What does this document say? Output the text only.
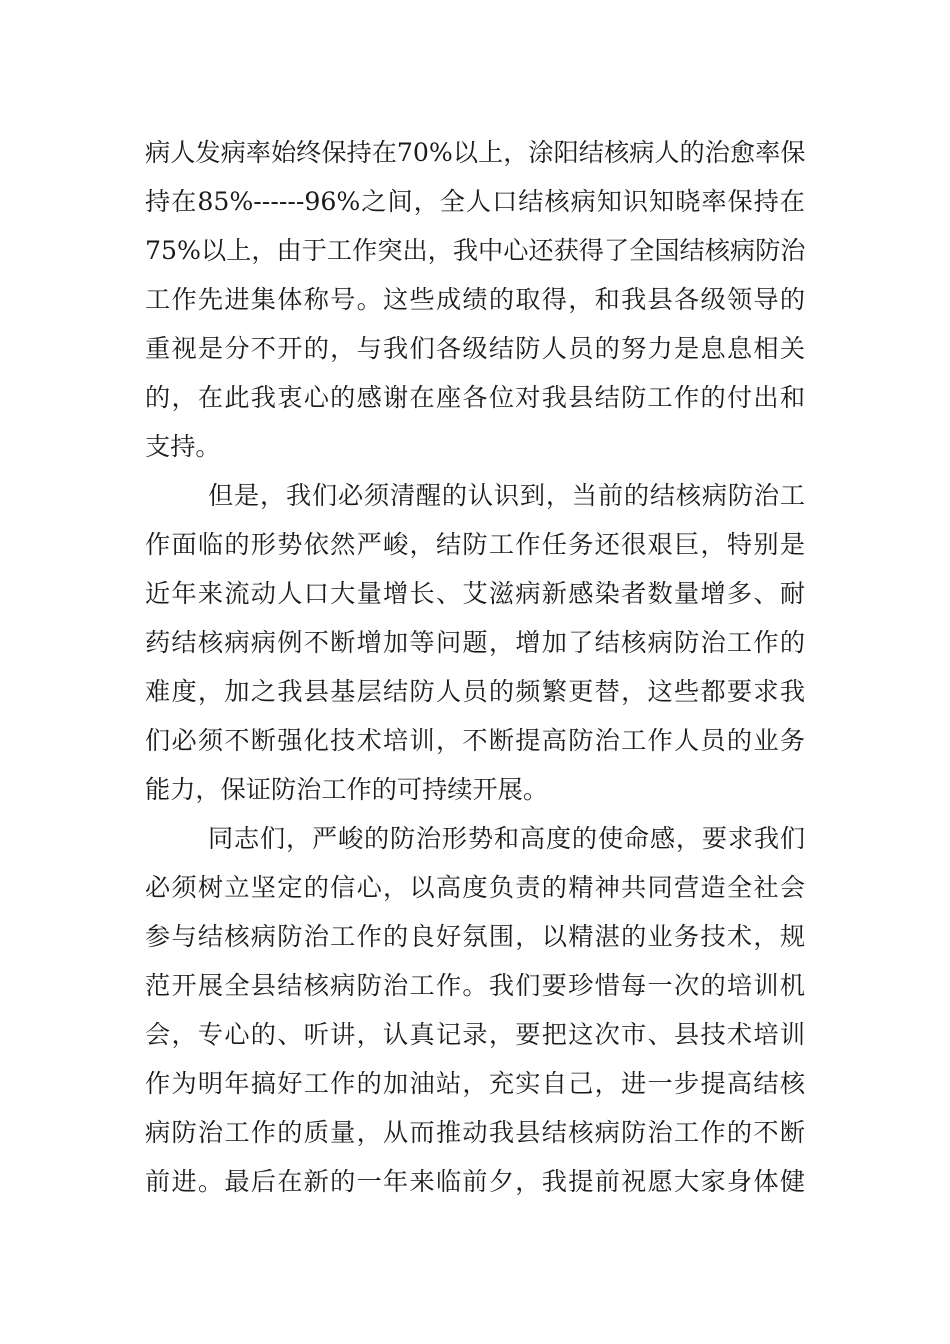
病人发病率始终保持在70%以上，涂阳结核病人的治愈率保
持在85%------96%之间，全人口结核病知识知晓率保持在
75%以上，由于工作突出，我中心还获得了全国结核病防治
工作先进集体称号。这些成绩的取得，和我县各级领导的
重视是分不开的，与我们各级结防人员的努力是息息相关
的，在此我衷心的感谢在座各位对我县结防工作的付出和
支持。
但是，我们必须清醒的认识到，当前的结核病防治工
作面临的形势依然严峻，结防工作任务还很艰巨，特别是
近年来流动人口大量增长、艾滋病新感染者数量增多、耐
药结核病病例不断增加等问题，增加了结核病防治工作的
难度，加之我县基层结防人员的频繁更替，这些都要求我
们必须不断强化技术培训，不断提高防治工作人员的业务
能力，保证防治工作的可持续开展。
同志们，严峻的防治形势和高度的使命感，要求我们
必须树立坚定的信心，以高度负责的精神共同营造全社会
参与结核病防治工作的良好氛围，以精湛的业务技术，规
范开展全县结核病防治工作。我们要珍惜每一次的培训机
会，专心的、听讲，认真记录，要把这次市、县技术培训
作为明年搞好工作的加油站，充实自己，进一步提高结核
病防治工作的质量，从而推动我县结核病防治工作的不断
前进。最后在新的一年来临前夕，我提前祝愿大家身体健
